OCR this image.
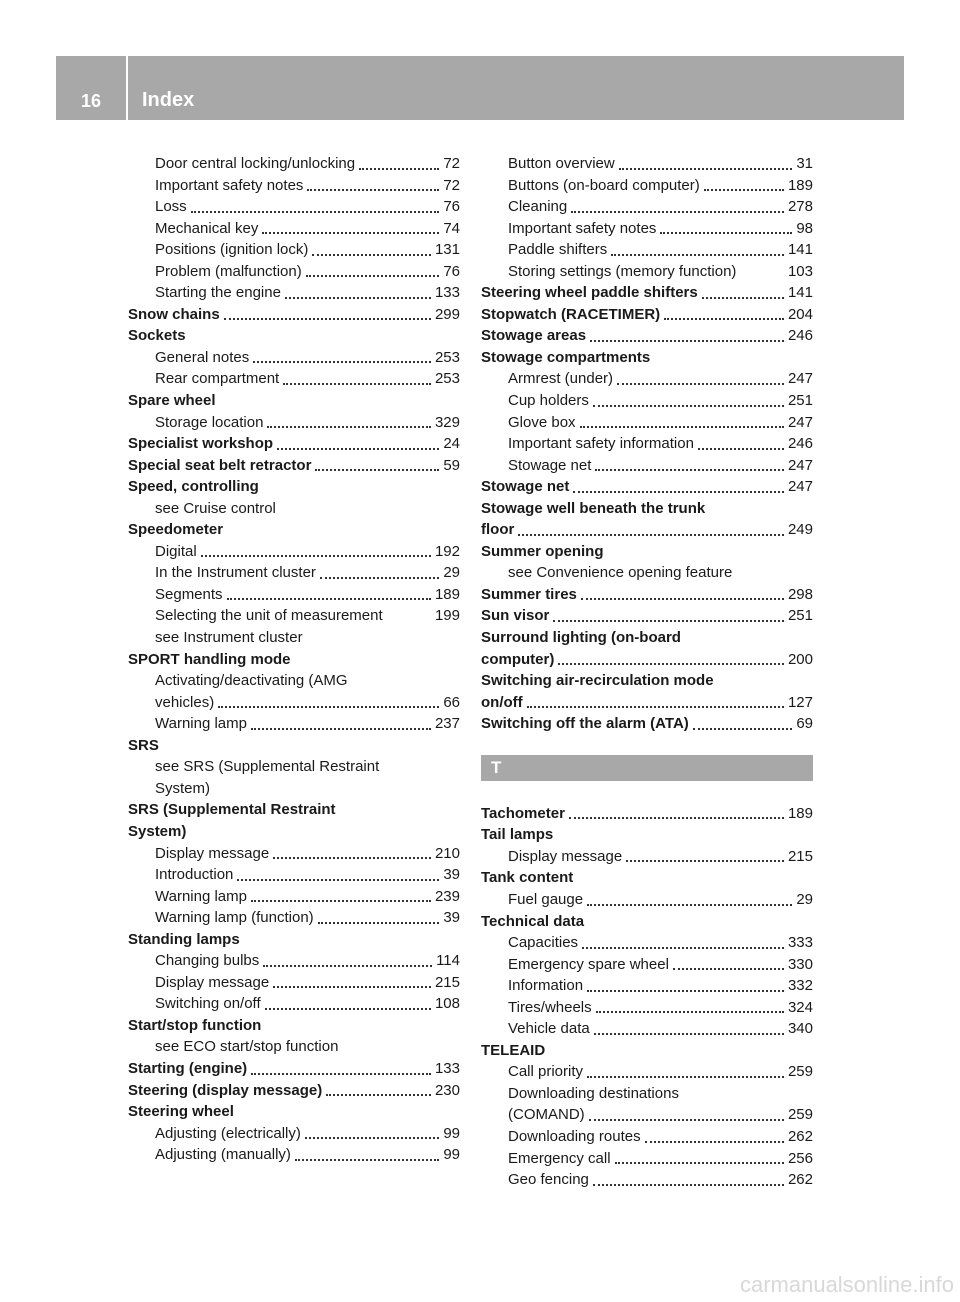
16	Index
Door central locking/unlocking	72
Important safety notes	72
Loss	76
Mechanical key	74
Positions (ignition lock)	131
Problem (malfunction)	76
Starting the engine	133
Snow chains	299
Sockets
General notes	253
Rear compartment	253
Spare wheel
Storage location	329
Specialist workshop	24
Special seat belt retractor	59
Speed, controlling
see Cruise control
Speedometer
Digital	192
In the Instrument cluster	29
Segments	189
Selecting the unit of measurement	199
see Instrument cluster
SPORT handling mode
Activating/deactivating (AMG
vehicles)	66
Warning lamp	237
SRS
see SRS (Supplemental Restraint
System)
SRS (Supplemental Restraint
System)
Display message	210
Introduction	39
Warning lamp	239
Warning lamp (function)	39
Standing lamps
Changing bulbs	114
Display message	215
Switching on/off	108
Start/stop function
see ECO start/stop function
Starting (engine)	133
Steering (display message)	230
Steering wheel
Adjusting (electrically)	99
Adjusting (manually)	99
Button overview	31
Buttons (on-board computer)	189
Cleaning	278
Important safety notes	98
Paddle shifters	141
Storing settings (memory function)	103
Steering wheel paddle shifters	141
Stopwatch (RACETIMER)	204
Stowage areas	246
Stowage compartments
Armrest (under)	247
Cup holders	251
Glove box	247
Important safety information	246
Stowage net	247
Stowage net	247
Stowage well beneath the trunk
floor	249
Summer opening
see Convenience opening feature
Summer tires	298
Sun visor	251
Surround lighting (on-board
computer)	200
Switching air-recirculation mode
on/off	127
Switching off the alarm (ATA)	69
T
Tachometer	189
Tail lamps
Display message	215
Tank content
Fuel gauge	29
Technical data
Capacities	333
Emergency spare wheel	330
Information	332
Tires/wheels	324
Vehicle data	340
TELEAID
Call priority	259
Downloading destinations
(COMAND)	259
Downloading routes	262
Emergency call	256
Geo fencing	262
carmanualsonline.info
